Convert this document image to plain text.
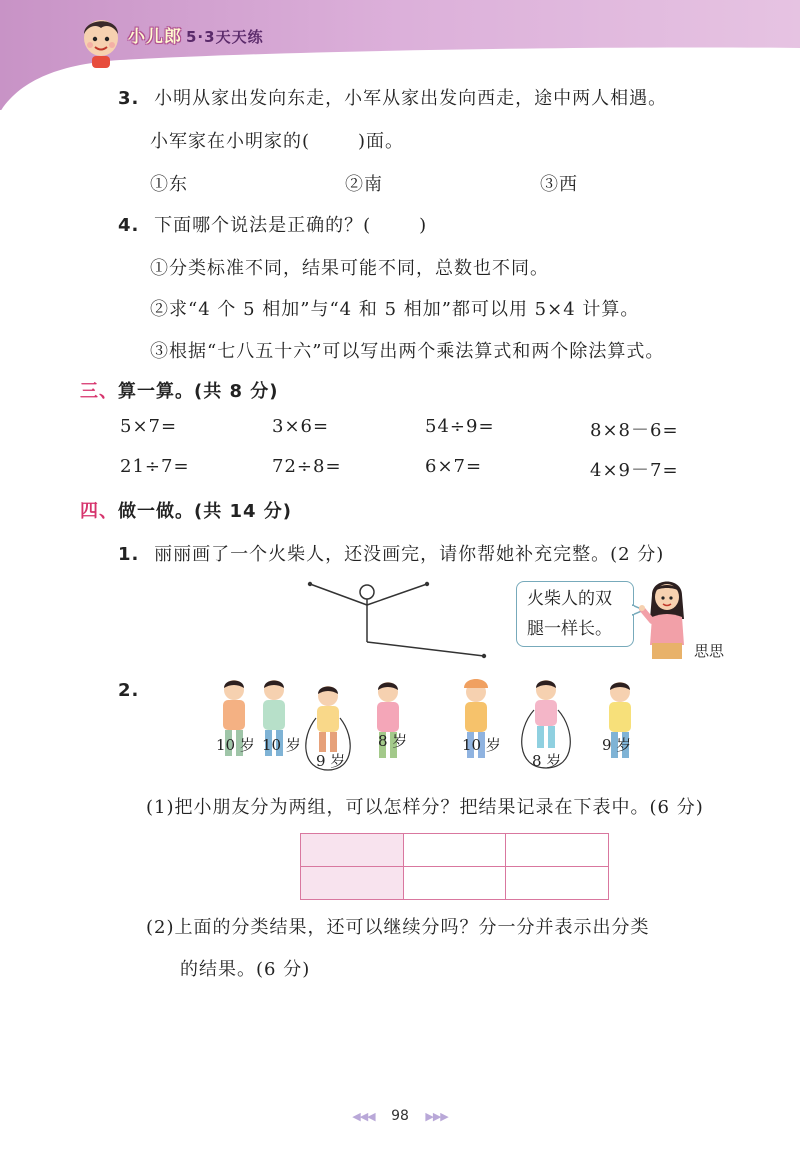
小儿郎 5·3天天练
3. 小明从家出发向东走，小军从家出发向西走，途中两人相遇。
小军家在小明家的(	)面。
①东	②南	③西
4. 下面哪个说法是正确的？(	)
①分类标准不同，结果可能不同，总数也不同。
②求“4 个 5 相加”与“4 和 5 相加”都可以用 5×4 计算。
③根据“七八五十六”可以写出两个乘法算式和两个除法算式。
三、算一算。(共 8 分)
5×7=	3×6=	54÷9=	8×8－6=
21÷7=	72÷8=	6×7=	4×9－7=
四、做一做。(共 14 分)
1. 丽丽画了一个火柴人，还没画完，请你帮她补充完整。(2 分)
火柴人的双
腿一样长。
思思
2.
10 岁 10 岁
9 岁
8 岁	10 岁
8 岁
9 岁
(1)把小朋友分为两组，可以怎样分？把结果记录在下表中。(6 分)

(2)上面的分类结果，还可以继续分吗？分一分并表示出分类
的结果。(6 分)
◀◀◀ 98 ▶▶▶
